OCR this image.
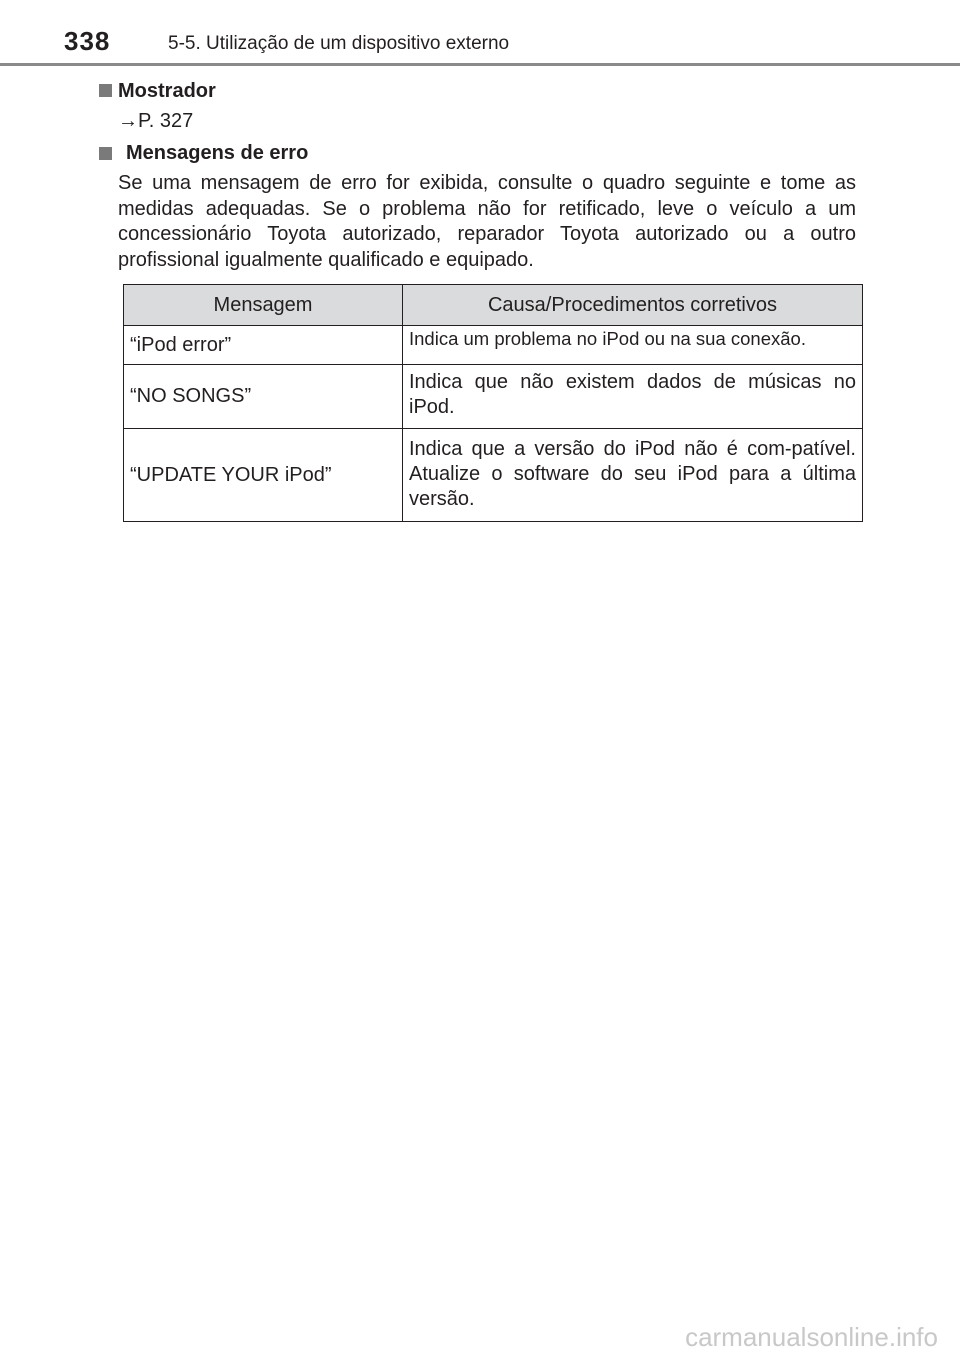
338	5-5. Utilização de um dispositivo externo
Mostrador
→P. 327
Mensagens de erro
Se uma mensagem de erro for exibida, consulte o quadro seguinte e tome as medidas adequadas. Se o problema não for retificado, leve o veículo a um concessionário Toyota autorizado, reparador Toyota autorizado ou a outro profissional igualmente qualificado e equipado.
Mensagem	Causa/Procedimentos corretivos
“iPod error”	Indica um problema no iPod ou na sua conexão.
“NO SONGS”	Indica que não existem dados de músicas no iPod.
“UPDATE YOUR iPod”	Indica que a versão do iPod não é com-patível. Atualize o software do seu iPod para a última versão.
carmanualsonline.info
